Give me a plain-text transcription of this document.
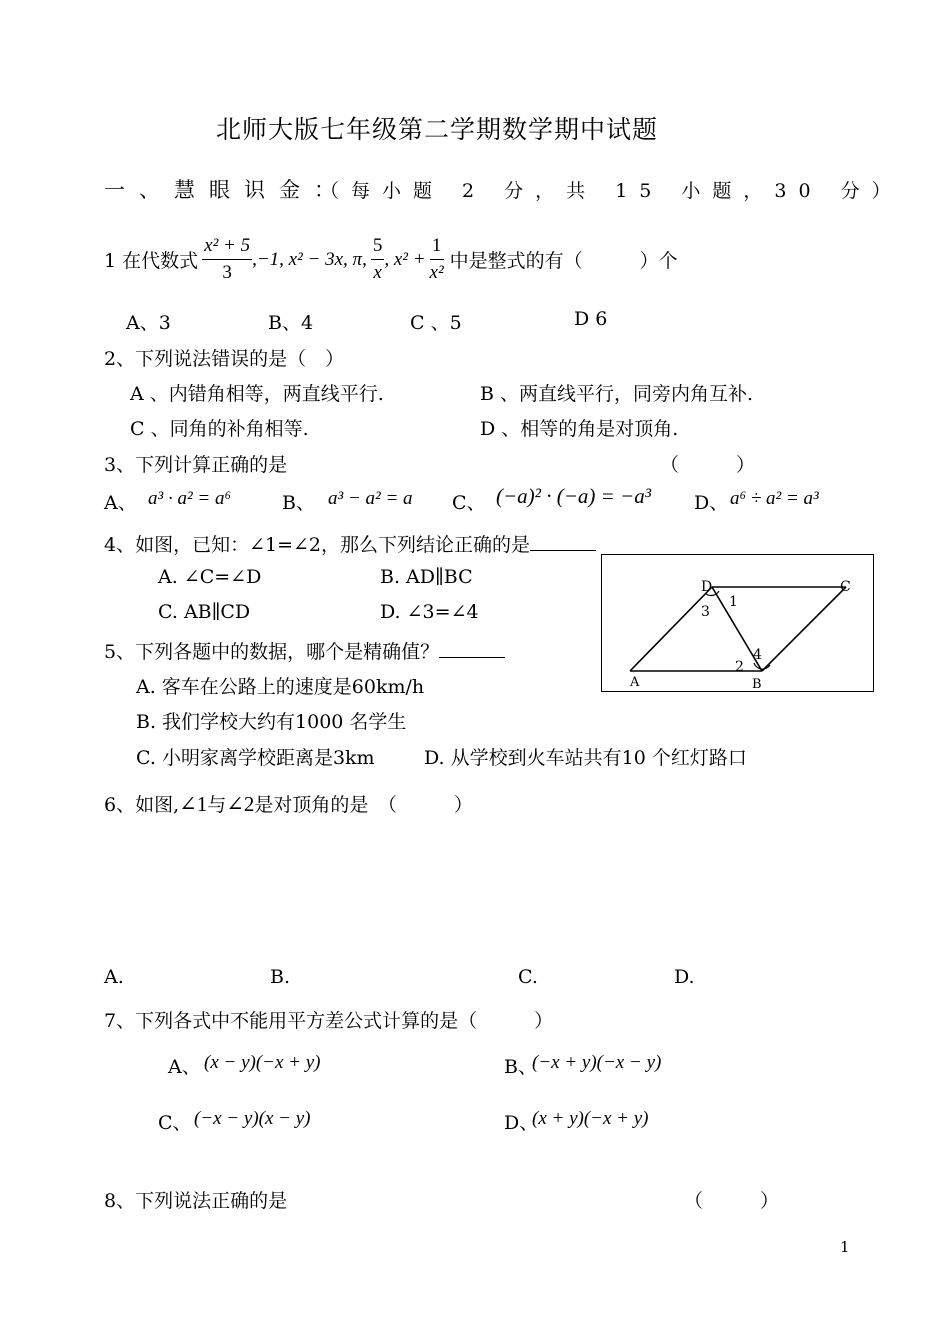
北师大版七年级第二学期数学期中试题
一、慧眼识金：
（每小题 2 分，共 15 小题，30 分）
1 在代数式 $\frac{\text{x² + 5}}{3} ,-1$, x² − 3x, π, $\frac{5}{x}$ , $x^2 + \frac{1}{\text{x²}}$ 中是整式的有（　　　）个
A、3	B、4	C 、5	D 6
2、下列说法错误的是（　）
A 、内错角相等，两直线平行.	B 、两直线平行，同旁内角互补.
C 、同角的补角相等.	D 、相等的角是对顶角.
3、下列计算正确的是	（　　　）
A、 a³ · a² = a⁶	B、 a³ − a² = a C、 (−a)² · (−a) = −a³ D、 a⁶ ÷ a² = a³
4、如图，已知：∠1=∠2，那么下列结论正确的是
A. ∠C=∠D	B. AD∥BC
C. AB∥CD	D. ∠3=∠4
A	B
C
D
1
2
3
4
5、下列各题中的数据，哪个是精确值？
A. 客车在公路上的速度是60km/h
B. 我们学校大约有1000 名学生
C. 小明家离学校距离是3km	D. 从学校到火车站共有10 个红灯路口
6、如图,∠1与∠2是对顶角的是　（　　　）
A.	B.	C.	D.
7、下列各式中不能用平方差公式计算的是（　　　）
A、 (x − y)(−x + y)	B、
(−x + y)(−x − y)
C、 (−x − y)(x − y)	D、
(x + y)(−x + y)
8、下列说法正确的是	（　　　）
1
